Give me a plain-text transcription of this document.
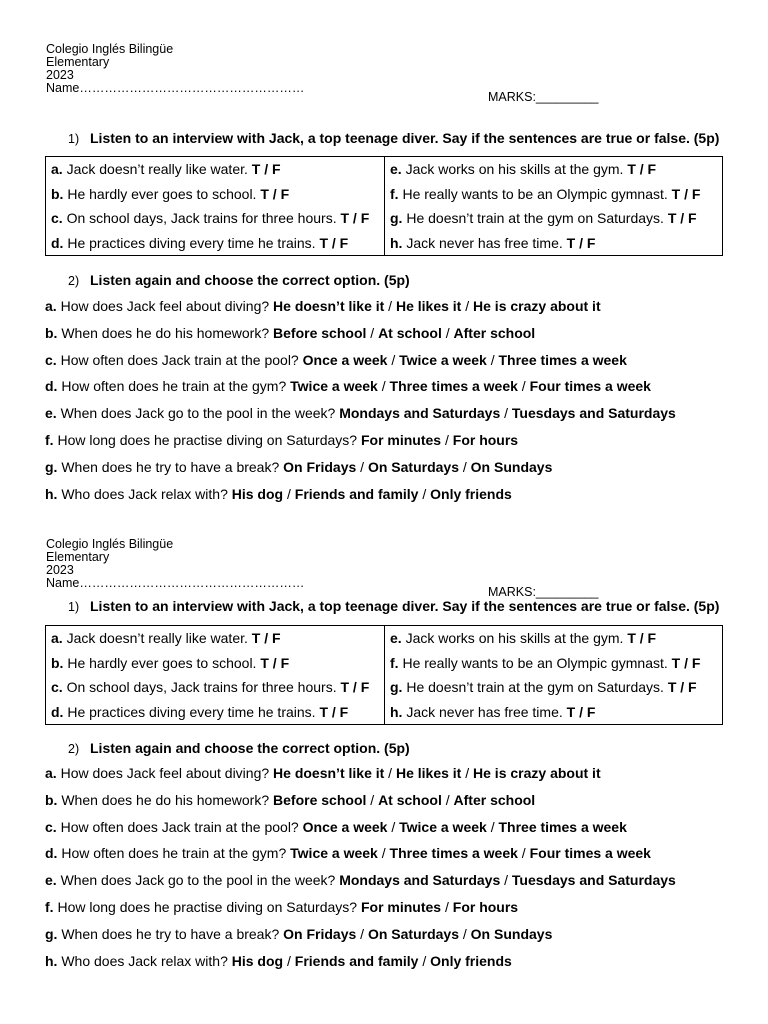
Colegio Inglés Bilingüe
Elementary
2023
Name………………………………………………
MARKS:_________
1) Listen to an interview with Jack, a top teenage diver. Say if the sentences are true or false. (5p)
a. Jack doesn’t really like water. T / F	e. Jack works on his skills at the gym. T / F
b. He hardly ever goes to school. T / F	f. He really wants to be an Olympic gymnast. T / F
c. On school days, Jack trains for three hours. T / F	g. He doesn’t train at the gym on Saturdays. T / F
d. He practices diving every time he trains. T / F	h. Jack never has free time. T / F
2) Listen again and choose the correct option. (5p)
a. How does Jack feel about diving? He doesn’t like it / He likes it / He is crazy about it
b. When does he do his homework? Before school / At school / After school
c. How often does Jack train at the pool? Once a week / Twice a week / Three times a week
d. How often does he train at the gym? Twice a week / Three times a week / Four times a week
e. When does Jack go to the pool in the week? Mondays and Saturdays / Tuesdays and Saturdays
f. How long does he practise diving on Saturdays? For minutes / For hours
g. When does he try to have a break? On Fridays / On Saturdays / On Sundays
h. Who does Jack relax with? His dog / Friends and family / Only friends
Colegio Inglés Bilingüe
Elementary
2023
Name………………………………………………
MARKS:_________
1) Listen to an interview with Jack, a top teenage diver. Say if the sentences are true or false. (5p)
a. Jack doesn’t really like water. T / F	e. Jack works on his skills at the gym. T / F
b. He hardly ever goes to school. T / F	f. He really wants to be an Olympic gymnast. T / F
c. On school days, Jack trains for three hours. T / F	g. He doesn’t train at the gym on Saturdays. T / F
d. He practices diving every time he trains. T / F	h. Jack never has free time. T / F
2) Listen again and choose the correct option. (5p)
a. How does Jack feel about diving? He doesn’t like it / He likes it / He is crazy about it
b. When does he do his homework? Before school / At school / After school
c. How often does Jack train at the pool? Once a week / Twice a week / Three times a week
d. How often does he train at the gym? Twice a week / Three times a week / Four times a week
e. When does Jack go to the pool in the week? Mondays and Saturdays / Tuesdays and Saturdays
f. How long does he practise diving on Saturdays? For minutes / For hours
g. When does he try to have a break? On Fridays / On Saturdays / On Sundays
h. Who does Jack relax with? His dog / Friends and family / Only friends
